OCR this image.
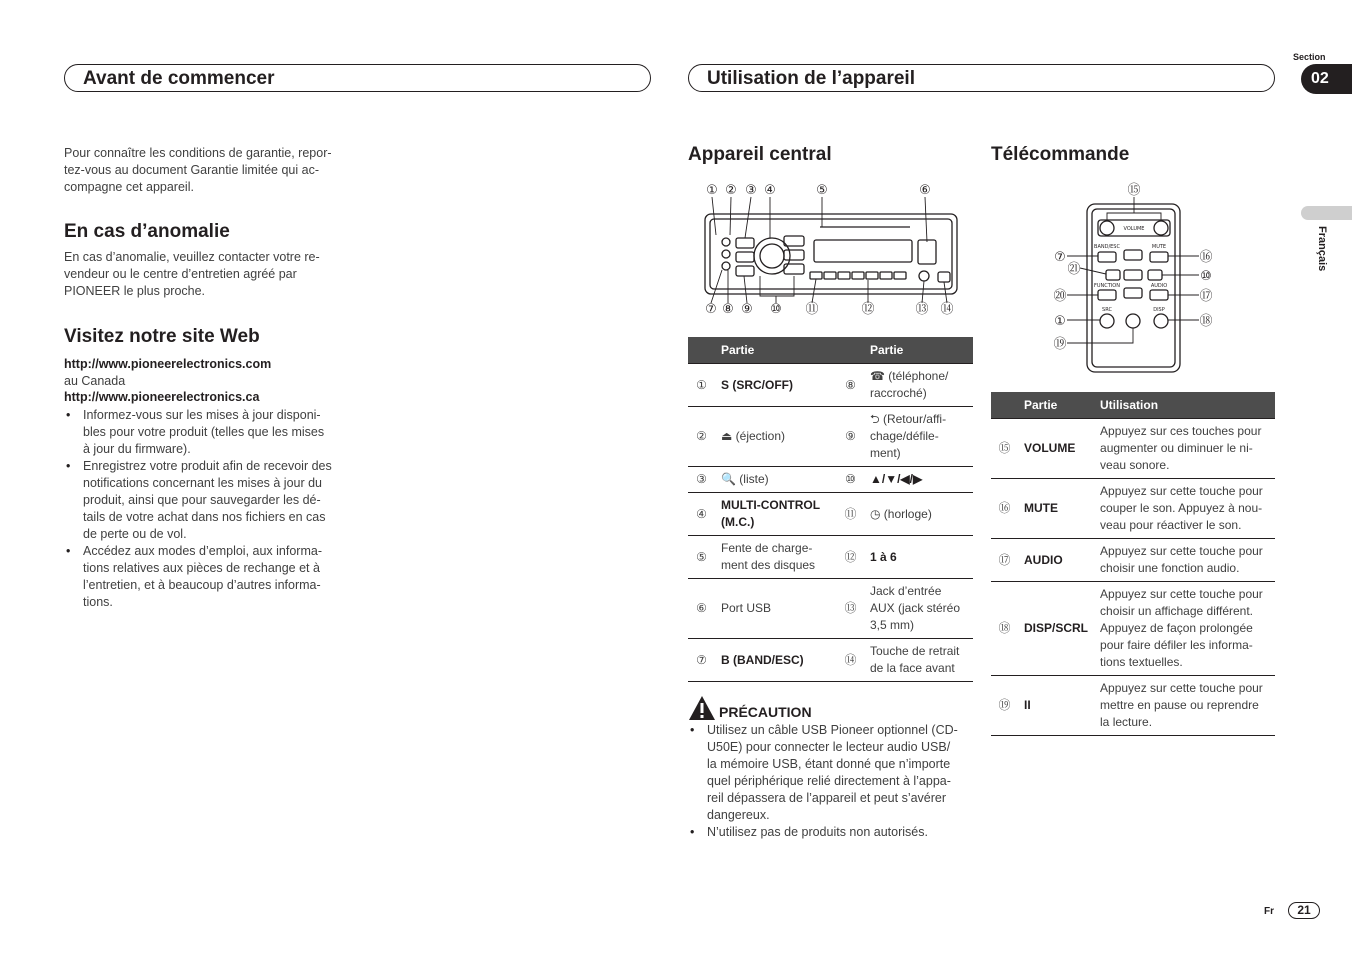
Avant de commencer	Utilisation de l’appareil
Section
02
Français
Pour connaître les conditions de garantie, repor-
tez-vous au document Garantie limitée qui ac-
compagne cet appareil.
En cas d’anomalie
En cas d’anomalie, veuillez contacter votre re-
vendeur ou le centre d’entretien agréé par
PIONEER le plus proche.
Visitez notre site Web
http://www.pioneerelectronics.com
au Canada
http://www.pioneerelectronics.ca
• Informez-vous sur les mises à jour disponi-
bles pour votre produit (telles que les mises
à jour du firmware).
• Enregistrez votre produit afin de recevoir des
notifications concernant les mises à jour du
produit, ainsi que pour sauvegarder les dé-
tails de votre achat dans nos fichiers en cas
de perte ou de vol.
• Accédez aux modes d’emploi, aux informa-
tions relatives aux pièces de rechange et à
l’entretien, et à beaucoup d’autres informa-
tions.
Appareil central
① ② ③ ④	⑤	⑥
⑦ ⑧ ⑨ ⑩ ⑪	⑫	⑬ ⑭
	Partie		Partie
①	S (SRC/OFF)	⑧	☎ (téléphone/
raccroché)

②	⏏ (éjection)	⑨	⮌ (Retour/affi-
chage/défile-
ment)

③	🔍 (liste)	⑩	▲/▼/◀/▶

④	MULTI-CONTROL
(M.C.)	⑪	◷ (horloge)

⑤	Fente de charge-
ment des disques	⑫	1 à 6

⑥	Port USB	⑬	Jack d’entrée
AUX (jack stéréo
3,5 mm)

⑦	B (BAND/ESC)	⑭	Touche de retrait
de la face avant
PRÉCAUTION
• Utilisez un câble USB Pioneer optionnel (CD-
U50E) pour connecter le lecteur audio USB/
la mémoire USB, étant donné que n’importe
quel périphérique relié directement à l’appa-
reil dépassera de l’appareil et peut s’avérer
dangereux.
• N’utilisez pas de produits non autorisés.
Télécommande
VOLUME
BAND/ESC	MUTE
FUNCTION	AUDIO
SRC	DISP
⑮
⑦
㉑
⑳
①
⑲
⑯
⑩
⑰
⑱
	Partie	Utilisation
⑮	VOLUME	Appuyez sur ces touches pour
augmenter ou diminuer le ni-
veau sonore.

⑯	MUTE	Appuyez sur cette touche pour
couper le son. Appuyez à nou-
veau pour réactiver le son.

⑰	AUDIO	Appuyez sur cette touche pour
choisir une fonction audio.

⑱	DISP/SCRL	Appuyez sur cette touche pour
choisir un affichage différent.
Appuyez de façon prolongée
pour faire défiler les informa-
tions textuelles.

⑲	II	Appuyez sur cette touche pour
mettre en pause ou reprendre
la lecture.
Fr	21
